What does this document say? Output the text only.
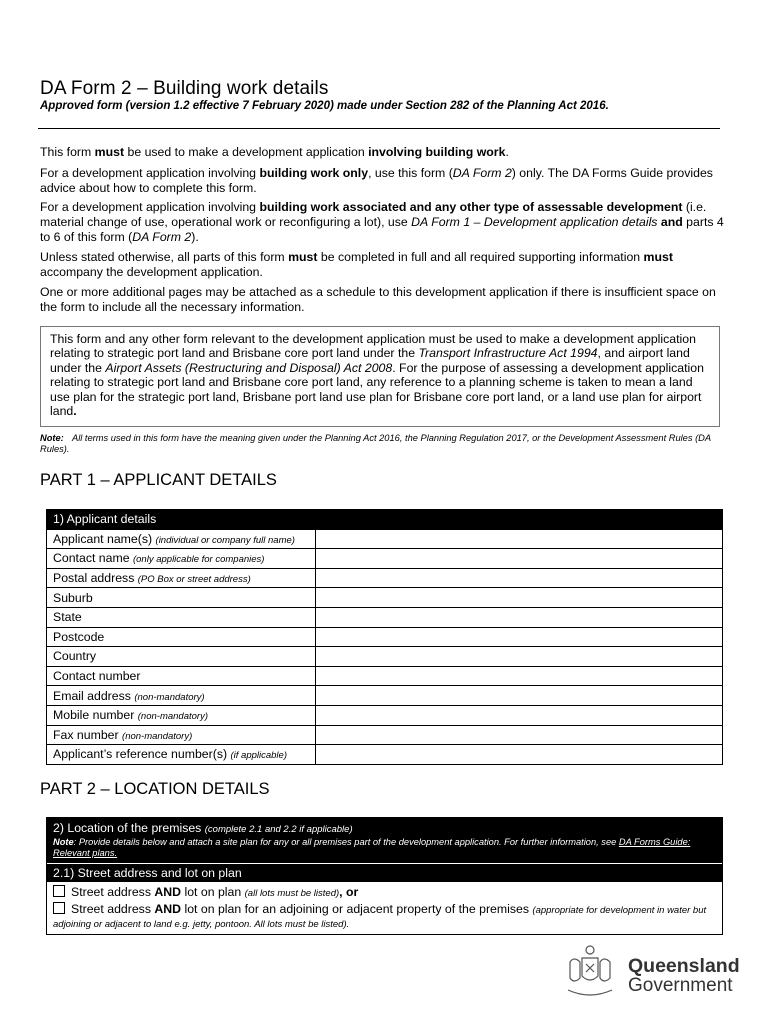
DA Form 2 – Building work details
Approved form (version 1.2 effective 7 February 2020) made under Section 282 of the Planning Act 2016.
This form must be used to make a development application involving building work.
For a development application involving building work only, use this form (DA Form 2) only. The DA Forms Guide provides advice about how to complete this form.
For a development application involving building work associated and any other type of assessable development (i.e. material change of use, operational work or reconfiguring a lot), use DA Form 1 – Development application details and parts 4 to 6 of this form (DA Form 2).
Unless stated otherwise, all parts of this form must be completed in full and all required supporting information must accompany the development application.
One or more additional pages may be attached as a schedule to this development application if there is insufficient space on the form to include all the necessary information.
This form and any other form relevant to the development application must be used to make a development application relating to strategic port land and Brisbane core port land under the Transport Infrastructure Act 1994, and airport land under the Airport Assets (Restructuring and Disposal) Act 2008. For the purpose of assessing a development application relating to strategic port land and Brisbane core port land, any reference to a planning scheme is taken to mean a land use plan for the strategic port land, Brisbane port land use plan for Brisbane core port land, or a land use plan for airport land.
Note: All terms used in this form have the meaning given under the Planning Act 2016, the Planning Regulation 2017, or the Development Assessment Rules (DA Rules).
PART 1 – APPLICANT DETAILS
1) Applicant details	
Applicant name(s) (individual or company full name)	
Contact name (only applicable for companies)	
Postal address (PO Box or street address)	
Suburb	
State	
Postcode	
Country	
Contact number	
Email address (non-mandatory)	
Mobile number (non-mandatory)	
Fax number (non-mandatory)	
Applicant’s reference number(s) (if applicable)	
PART 2 – LOCATION DETAILS
2) Location of the premises (complete 2.1 and 2.2 if applicable)
Note: Provide details below and attach a site plan for any or all premises part of the development application. For further information, see DA Forms Guide: Relevant plans.
2.1) Street address and lot on plan
Street address AND lot on plan (all lots must be listed), or
Street address AND lot on plan for an adjoining or adjacent property of the premises (appropriate for development in water but adjoining or adjacent to land e.g. jetty, pontoon. All lots must be listed).
Queensland
Government
